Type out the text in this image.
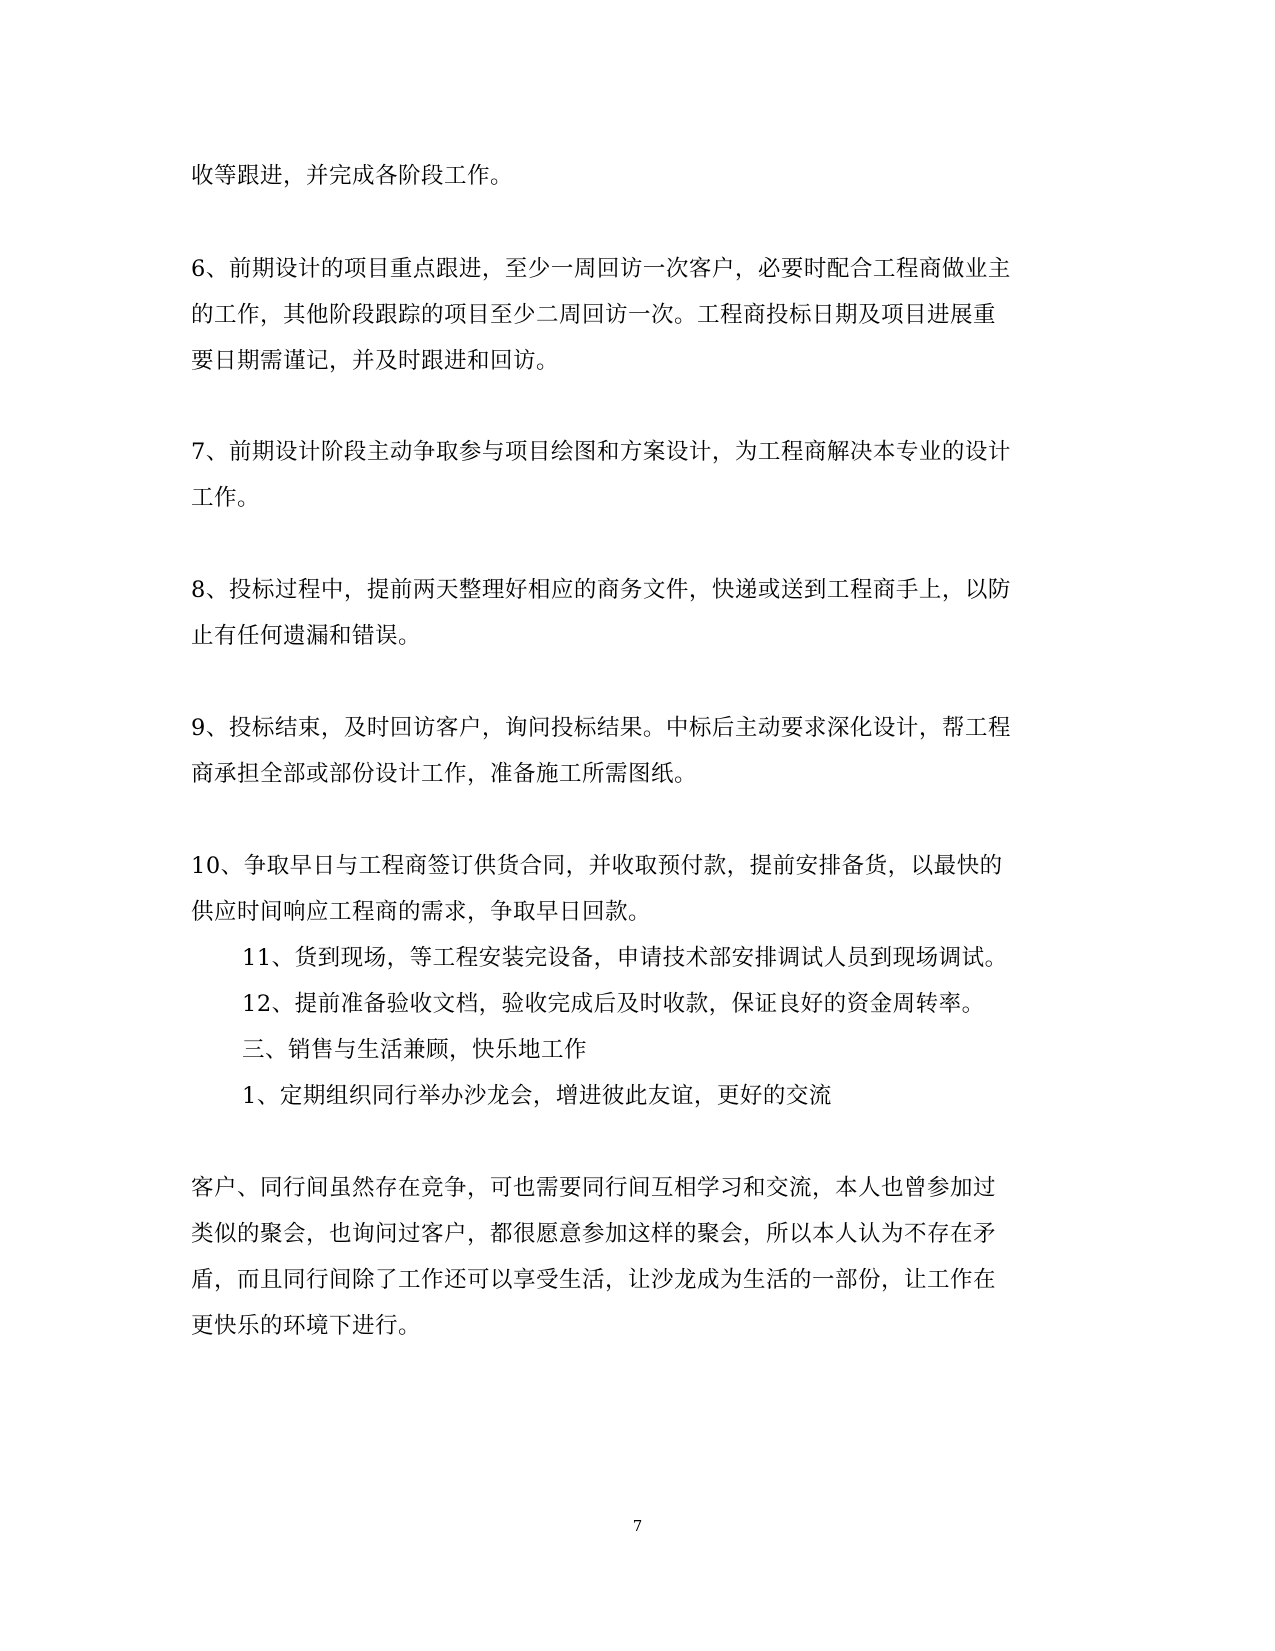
收等跟进，并完成各阶段工作。
6、前期设计的项目重点跟进，至少一周回访一次客户，必要时配合工程商做业主
的工作，其他阶段跟踪的项目至少二周回访一次。工程商投标日期及项目进展重
要日期需谨记，并及时跟进和回访。
7、前期设计阶段主动争取参与项目绘图和方案设计，为工程商解决本专业的设计
工作。
8、投标过程中，提前两天整理好相应的商务文件，快递或送到工程商手上，以防
止有任何遗漏和错误。
9、投标结束，及时回访客户，询问投标结果。中标后主动要求深化设计，帮工程
商承担全部或部份设计工作，准备施工所需图纸。
10、争取早日与工程商签订供货合同，并收取预付款，提前安排备货，以最快的
供应时间响应工程商的需求，争取早日回款。
11、货到现场，等工程安装完设备，申请技术部安排调试人员到现场调试。
12、提前准备验收文档，验收完成后及时收款，保证良好的资金周转率。
三、销售与生活兼顾，快乐地工作
1、定期组织同行举办沙龙会，增进彼此友谊，更好的交流
客户、同行间虽然存在竞争，可也需要同行间互相学习和交流，本人也曾参加过
类似的聚会，也询问过客户，都很愿意参加这样的聚会，所以本人认为不存在矛
盾，而且同行间除了工作还可以享受生活，让沙龙成为生活的一部份，让工作在
更快乐的环境下进行。
7
